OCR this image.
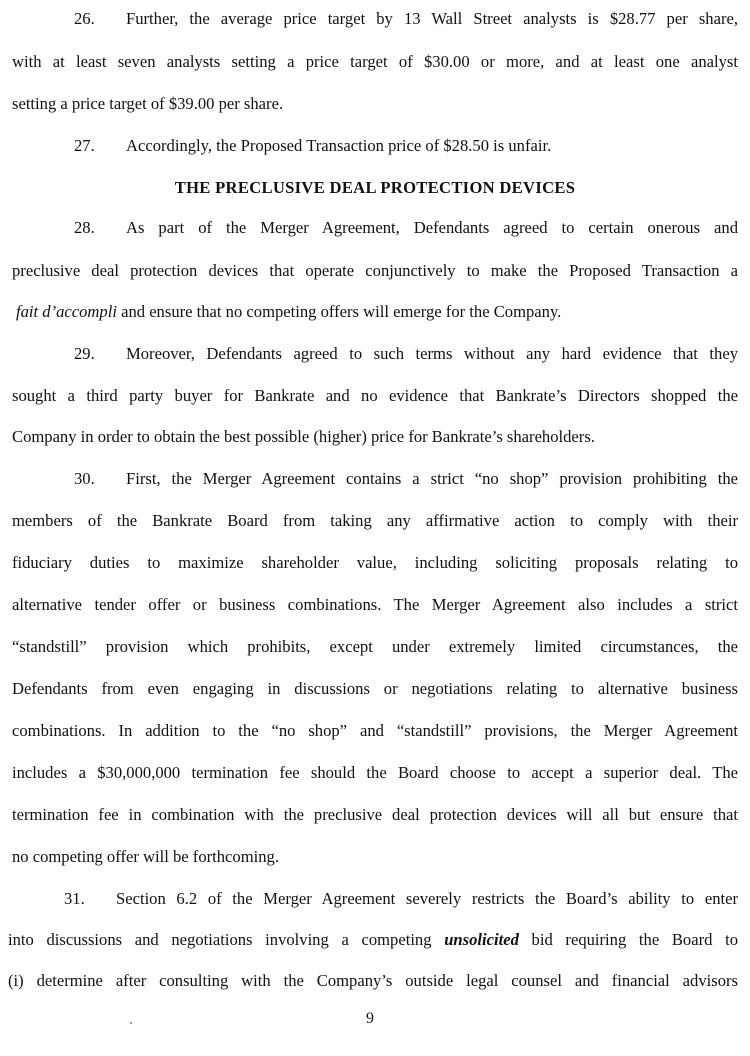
26. Further, the average price target by 13 Wall Street analysts is $28.77 per share,
with at least seven analysts setting a price target of $30.00 or more, and at least one analyst
setting a price target of $39.00 per share.
27. Accordingly, the Proposed Transaction price of $28.50 is unfair.
THE PRECLUSIVE DEAL PROTECTION DEVICES
28. As part of the Merger Agreement, Defendants agreed to certain onerous and
preclusive deal protection devices that operate conjunctively to make the Proposed Transaction a
fait d’accompli and ensure that no competing offers will emerge for the Company.
29. Moreover, Defendants agreed to such terms without any hard evidence that they
sought a third party buyer for Bankrate and no evidence that Bankrate’s Directors shopped the
Company in order to obtain the best possible (higher) price for Bankrate’s shareholders.
30. First, the Merger Agreement contains a strict “no shop” provision prohibiting the
members of the Bankrate Board from taking any affirmative action to comply with their
fiduciary duties to maximize shareholder value, including soliciting proposals relating to
alternative tender offer or business combinations. The Merger Agreement also includes a strict
“standstill” provision which prohibits, except under extremely limited circumstances, the
Defendants from even engaging in discussions or negotiations relating to alternative business
combinations. In addition to the “no shop” and “standstill” provisions, the Merger Agreement
includes a $30,000,000 termination fee should the Board choose to accept a superior deal. The
termination fee in combination with the preclusive deal protection devices will all but ensure that
no competing offer will be forthcoming.
31. Section 6.2 of the Merger Agreement severely restricts the Board’s ability to enter
into discussions and negotiations involving a competing unsolicited bid requiring the Board to
(i) determine after consulting with the Company’s outside legal counsel and financial advisors
9
